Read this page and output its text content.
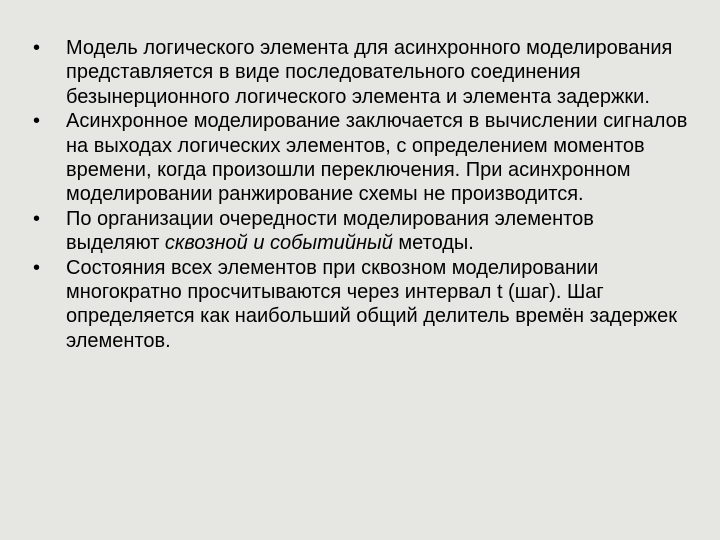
• Модель логического элемента для асинхронного моделирования представляется в виде последовательного соединения безынерционного логического элемента и элемента задержки.
• Асинхронное моделирование заключается в вычислении сигналов на выходах логических элементов, с определением моментов времени, когда произошли переключения. При асинхронном моделировании ранжирование схемы не производится.
• По организации очередности моделирования элементов выделяют сквозной и событийный методы.
• Состояния всех элементов при сквозном моделировании многократно просчитываются через интервал t (шаг). Шаг определяется как наибольший общий делитель времён задержек элементов.
